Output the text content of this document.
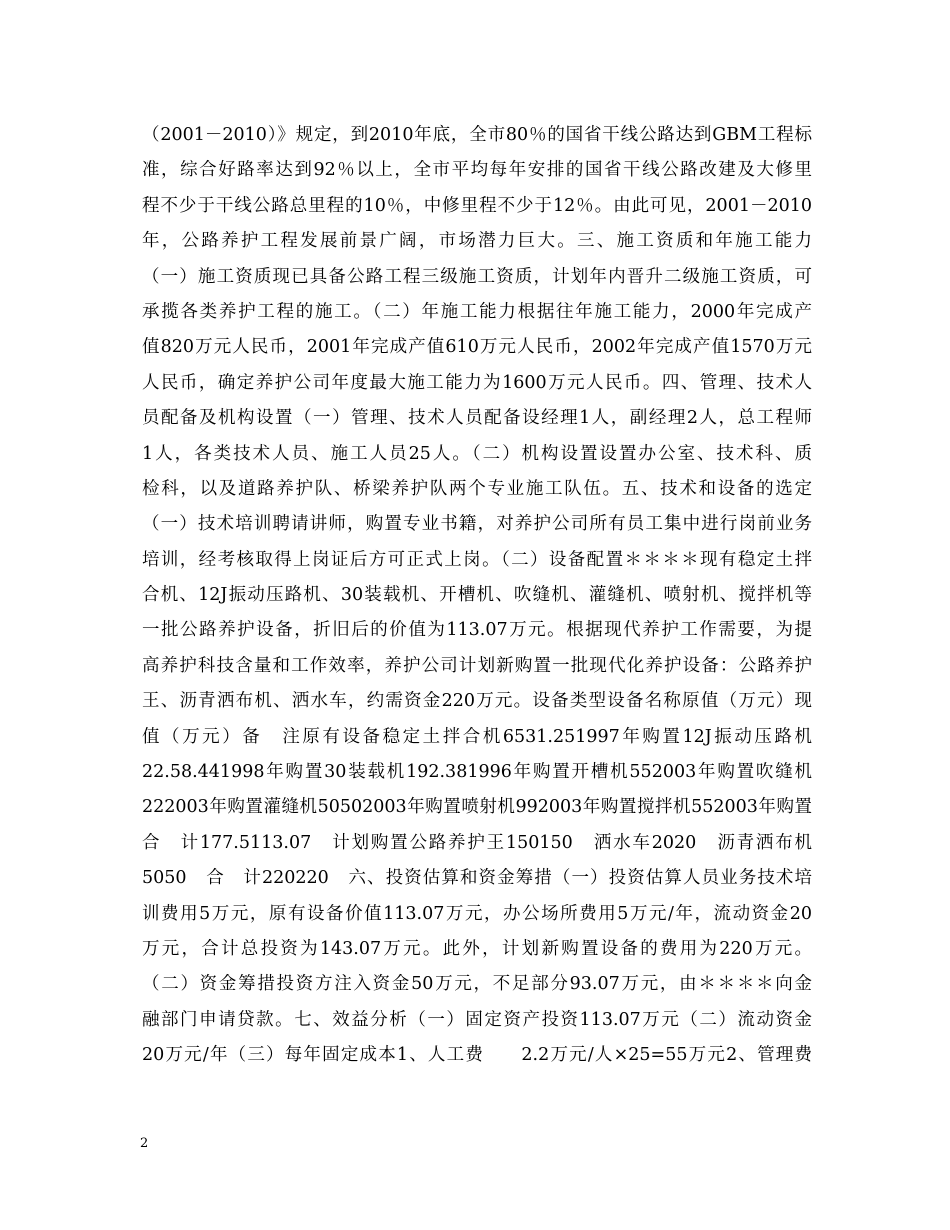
（2001－2010）》规定，到2010年底，全市80％的国省干线公路达到GBM工程标
准，综合好路率达到92％以上，全市平均每年安排的国省干线公路改建及大修里
程不少于干线公路总里程的10％，中修里程不少于12％。由此可见，2001－2010
年，公路养护工程发展前景广阔，市场潜力巨大。三、施工资质和年施工能力
（一）施工资质现已具备公路工程三级施工资质，计划年内晋升二级施工资质，可
承揽各类养护工程的施工。（二）年施工能力根据往年施工能力，2000年完成产
值820万元人民币，2001年完成产值610万元人民币，2002年完成产值1570万元
人民币，确定养护公司年度最大施工能力为1600万元人民币。四、管理、技术人
员配备及机构设置（一）管理、技术人员配备设经理1人，副经理2人，总工程师
1人，各类技术人员、施工人员25人。（二）机构设置设置办公室、技术科、质
检科，以及道路养护队、桥梁养护队两个专业施工队伍。五、技术和设备的选定
（一）技术培训聘请讲师，购置专业书籍，对养护公司所有员工集中进行岗前业务
培训，经考核取得上岗证后方可正式上岗。（二）设备配置＊＊＊＊现有稳定土拌
合机、12J振动压路机、30装载机、开槽机、吹缝机、灌缝机、喷射机、搅拌机等
一批公路养护设备，折旧后的价值为113.07万元。根据现代养护工作需要，为提
高养护科技含量和工作效率，养护公司计划新购置一批现代化养护设备：公路养护
王、沥青洒布机、洒水车，约需资金220万元。设备类型设备名称原值（万元）现
值（万元）备　注原有设备稳定土拌合机6531.251997年购置12J振动压路机
22.58.441998年购置30装载机192.381996年购置开槽机552003年购置吹缝机
222003年购置灌缝机50502003年购置喷射机992003年购置搅拌机552003年购置
合　计177.5113.07　计划购置公路养护王150150　洒水车2020　沥青洒布机
5050　合　计220220　六、投资估算和资金筹措（一）投资估算人员业务技术培
训费用5万元，原有设备价值113.07万元，办公场所费用5万元/年，流动资金20
万元，合计总投资为143.07万元。此外，计划新购置设备的费用为220万元。
（二）资金筹措投资方注入资金50万元，不足部分93.07万元，由＊＊＊＊向金
融部门申请贷款。七、效益分析（一）固定资产投资113.07万元（二）流动资金
20万元/年（三）每年固定成本1、人工费　　2.2万元/人×25=55万元2、管理费
2
